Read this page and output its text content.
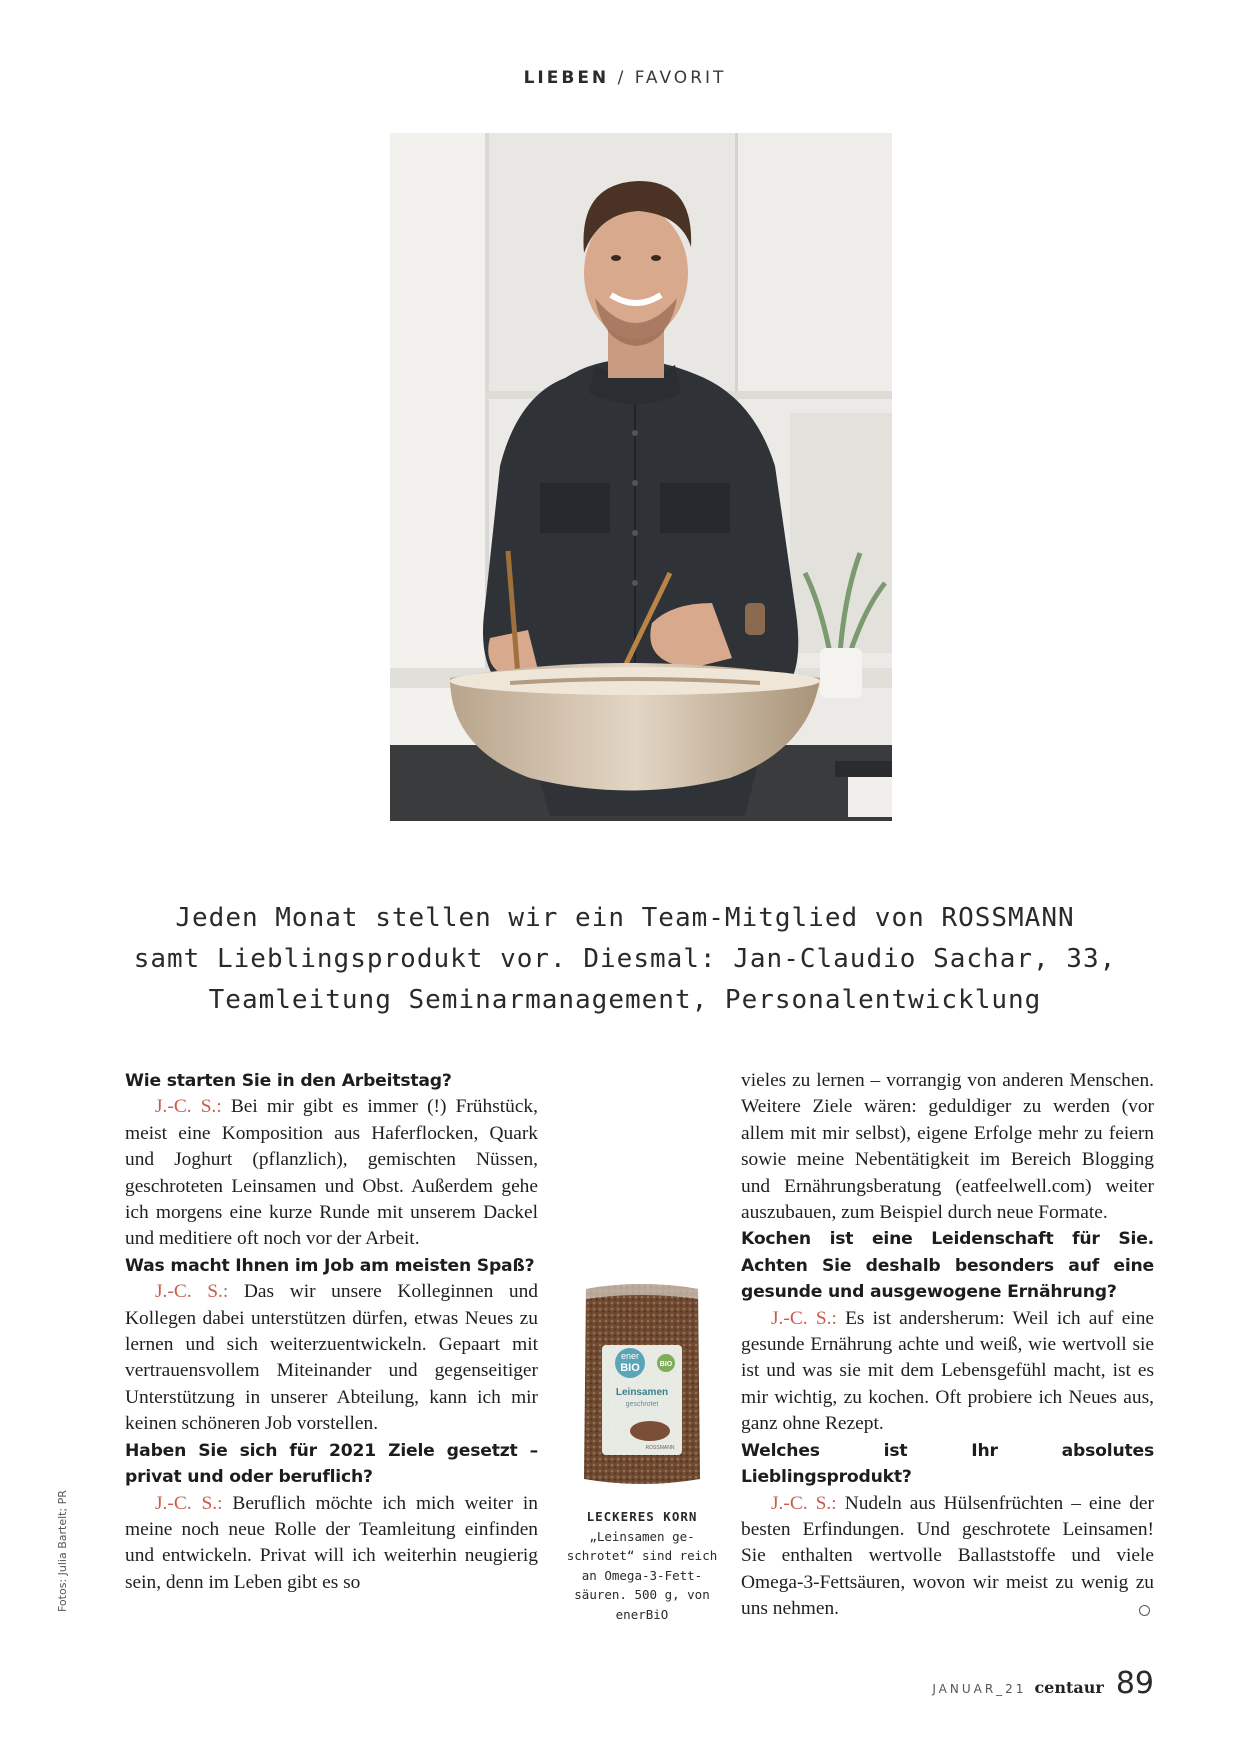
LIEBEN / FAVORIT
Jeden Monat stellen wir ein Team-Mitglied von ROSSMANN
samt Lieblingsprodukt vor. Diesmal: Jan-Claudio Sachar, 33,
Teamleitung Seminarmanagement, Personalentwicklung

Wie starten Sie in den Arbeitstag?

J.-C. S.: Bei mir gibt es immer (!) Frühstück, meist eine Komposition aus Haferflocken, Quark und Joghurt (pflanzlich), gemischten Nüssen, geschroteten Leinsamen und Obst. Außerdem gehe ich morgens eine kurze Runde mit unserem Dackel und meditiere oft noch vor der Arbeit.

Was macht Ihnen im Job am meisten Spaß?

J.-C. S.: Das wir unsere Kolleginnen und Kollegen dabei unterstützen dürfen, etwas Neues zu lernen und sich weiterzuentwickeln. Gepaart mit vertrauensvollem Miteinander und gegenseitiger Unterstützung in unserer Abteilung, kann ich mir keinen schöneren Job vorstellen.

Haben Sie sich für 2021 Ziele gesetzt – privat und oder beruflich?

J.-C. S.: Beruflich möchte ich mich weiter in meine noch neue Rolle der Teamleitung einfinden und entwickeln. Privat will ich weiterhin neugierig sein, denn im Leben gibt es so

vieles zu lernen – vorrangig von anderen Menschen. Weitere Ziele wären: geduldiger zu werden (vor allem mit mir selbst), eigene Erfolge mehr zu feiern sowie meine Nebentätigkeit im Bereich Blogging und Ernährungsberatung (eatfeelwell.com) weiter auszubauen, zum Beispiel durch neue Formate.

Kochen ist eine Leidenschaft für Sie. Achten Sie deshalb besonders auf eine gesunde und ausgewogene Ernährung?

J.-C. S.: Es ist andersherum: Weil ich auf eine gesunde Ernährung achte und weiß, wie wertvoll sie ist und was sie mit dem Lebensgefühl macht, ist es mir wichtig, zu kochen. Oft probiere ich Neues aus, ganz ohne Rezept.

Welches ist Ihr absolutes Lieblingsprodukt?

J.-C. S.: Nudeln aus Hülsenfrüchten – eine der besten Erfindungen. Und geschrotete Leinsamen! Sie enthalten wertvolle Ballaststoffe und viele Omega-3-Fettsäuren, wovon wir meist zu wenig zu uns nehmen.

ener
BIO	BIO
Leinsamen
geschrotet
ROSSMANN
LECKERES KORN
„Leinsamen ge-
schrotet“ sind reich
an Omega-3-Fett-
säuren. 500 g, von
enerBiO
Fotos: Julia Bartelt; PR
JANUAR_21 centaur 89
